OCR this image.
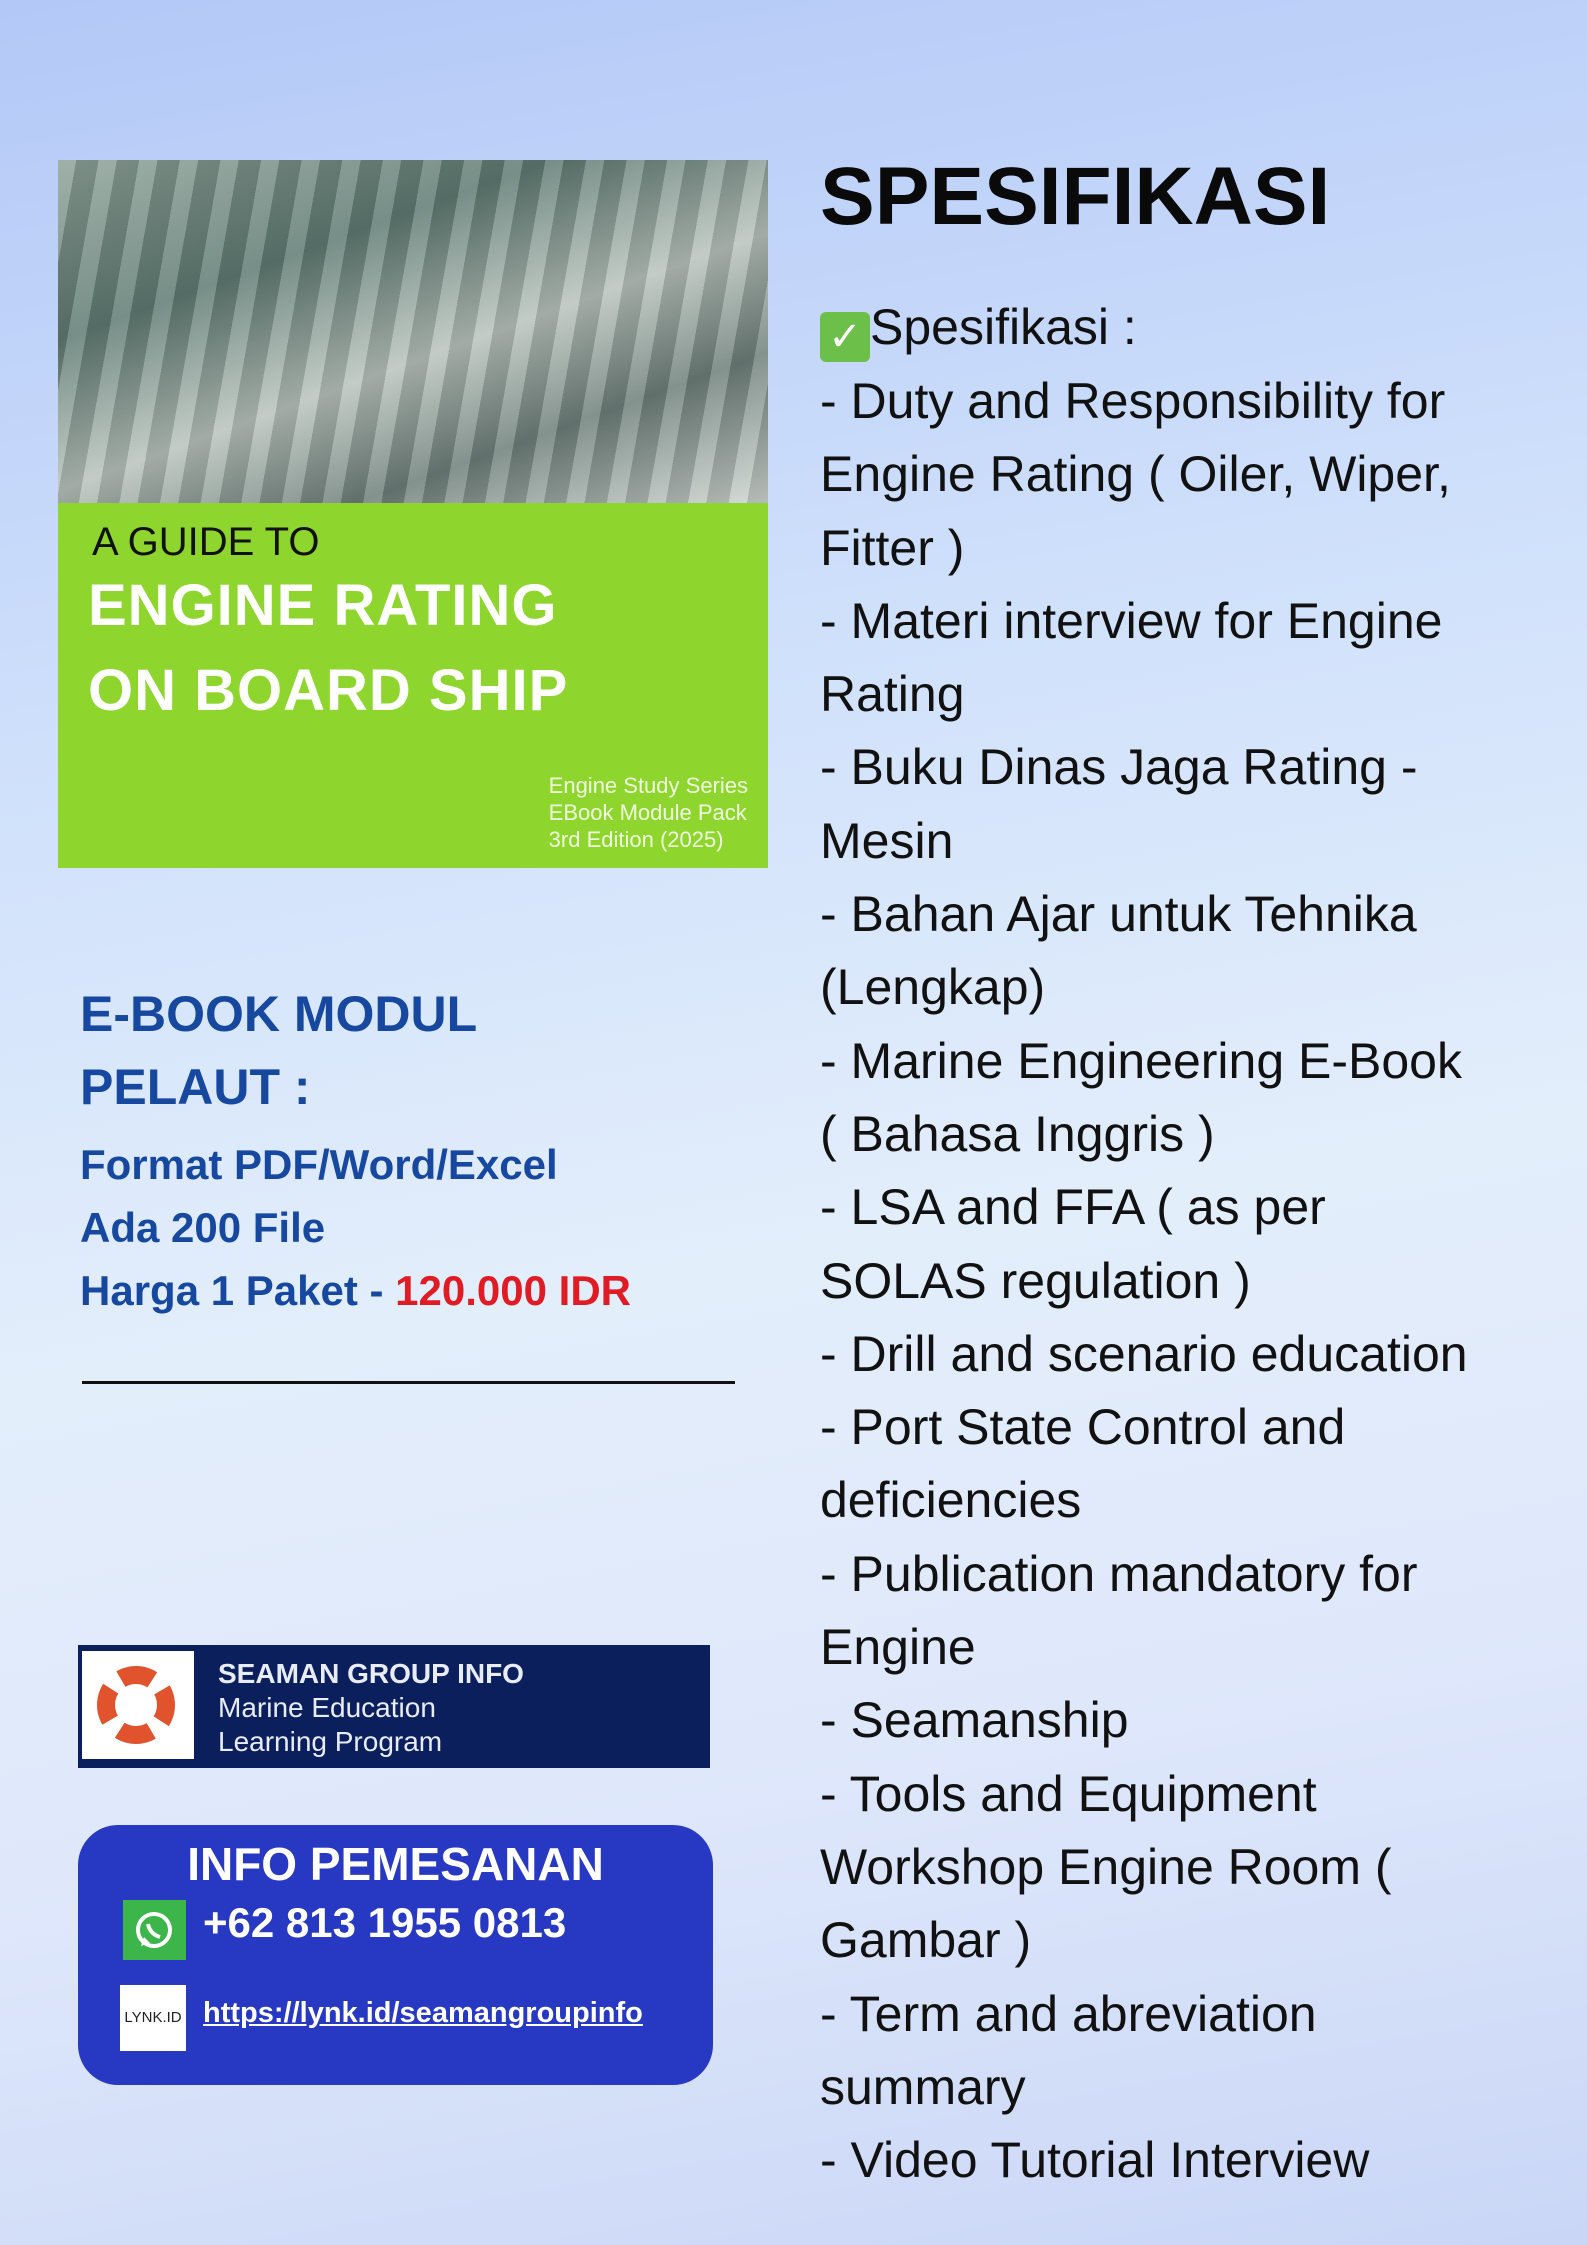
A GUIDE TO
ENGINE RATING
ON BOARD SHIP
Engine Study Series
EBook Module Pack
3rd Edition (2025)
E-BOOK MODUL
PELAUT :
Format PDF/Word/Excel
Ada 200 File
Harga 1 Paket - 120.000 IDR
SEAMAN GROUP INFO
Marine Education
Learning Program
INFO PEMESANAN
+62 813 1955 0813
LYNK.ID https://lynk.id/seamangroupinfo
SPESIFIKASI
✓ Spesifikasi :
- Duty and Responsibility for
Engine Rating ( Oiler, Wiper,
Fitter )
- Materi interview for Engine
Rating
- Buku Dinas Jaga Rating -
Mesin
- Bahan Ajar untuk Tehnika
(Lengkap)
- Marine Engineering E-Book
( Bahasa Inggris )
- LSA and FFA ( as per
SOLAS regulation )
- Drill and scenario education
- Port State Control and
deficiencies
- Publication mandatory for
Engine
- Seamanship
- Tools and Equipment
Workshop Engine Room (
Gambar )
- Term and abreviation
summary
- Video Tutorial Interview
